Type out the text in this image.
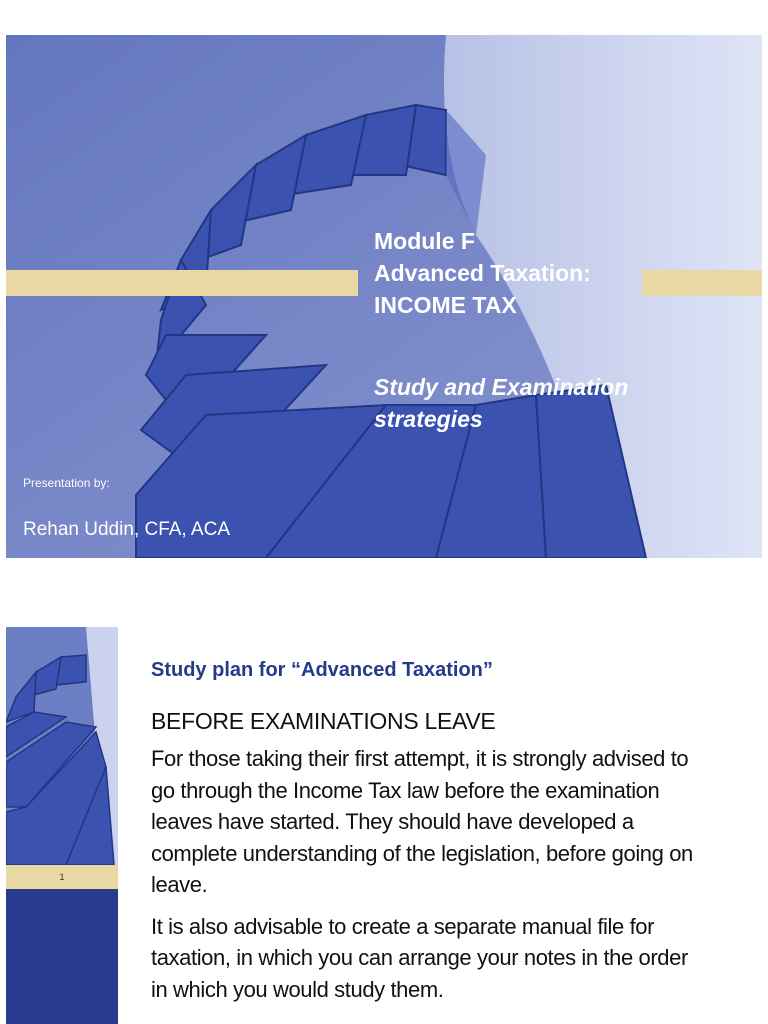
Module F
Advanced Taxation:
INCOME TAX
Study and Examination
strategies
Presentation by:
Rehan Uddin, CFA, ACA
1
Study plan for “Advanced Taxation”
BEFORE EXAMINATIONS LEAVE
For those taking their first attempt, it is strongly advised to
go through the Income Tax law before the examination
leaves have started. They should have developed a
complete understanding of the legislation, before going on
leave.
It is also advisable to create a separate manual file for
taxation, in which you can arrange your notes in the order
in which you would study them.
